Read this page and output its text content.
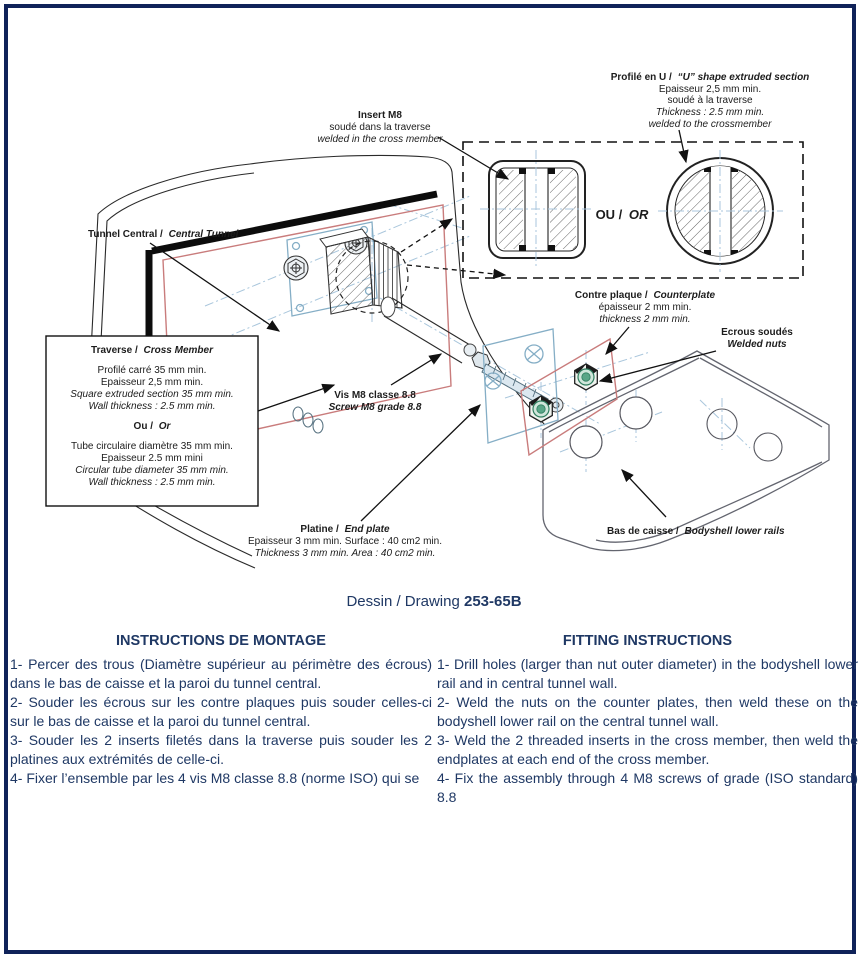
OU / OR
Profilé en U / “U” shape extruded section
Epaisseur 2,5 mm min.
soudé à la traverse
Thickness : 2.5 mm min.
welded to the crossmember
Insert M8
soudé dans la traverse
welded in the cross member
Tunnel Central / Central Tunnel
Traverse / Cross Member
Profilé carré 35 mm min.
Epaisseur 2,5 mm min.
Square extruded section 35 mm min.
Wall thickness : 2.5 mm min.
Ou / Or
Tube circulaire diamètre 35 mm min.
Epaisseur 2.5 mm mini
Circular tube diameter 35 mm min.
Wall thickness : 2.5 mm min.
Vis M8 classe 8.8
Screw M8 grade 8.8
Contre plaque / Counterplate
épaisseur 2 mm min.
thickness 2 mm min.
Ecrous soudés
Welded nuts
Platine / End plate
Epaisseur 3 mm min. Surface : 40 cm2 min.
Thickness 3 mm min. Area : 40 cm2 min.
Bas de caisse / Bodyshell lower rails
Dessin / Drawing 253-65B
INSTRUCTIONS DE MONTAGE

1- Percer des trous (Diamètre supérieur au périmètre des écrous) dans le bas de caisse et la paroi du tunnel central.

2- Souder les écrous sur les contre plaques puis souder celles-ci sur le bas de caisse et la paroi du tunnel central.

3- Souder les 2 inserts filetés dans la traverse puis souder les 2 platines aux extrémités de celle-ci.

4- Fixer l’ensemble par les 4 vis M8 classe 8.8 (norme ISO) qui se

FITTING INSTRUCTIONS

1- Drill holes (larger than nut outer diameter) in the bodyshell lower rail and in central tunnel wall.

2- Weld the nuts on the counter plates, then weld these on the bodyshell lower rail on the central tunnel wall.

3- Weld the 2 threaded inserts in the cross member, then weld the endplates at each end of the cross member.

4- Fix the assembly through 4 M8 screws of grade (ISO standard) 8.8
